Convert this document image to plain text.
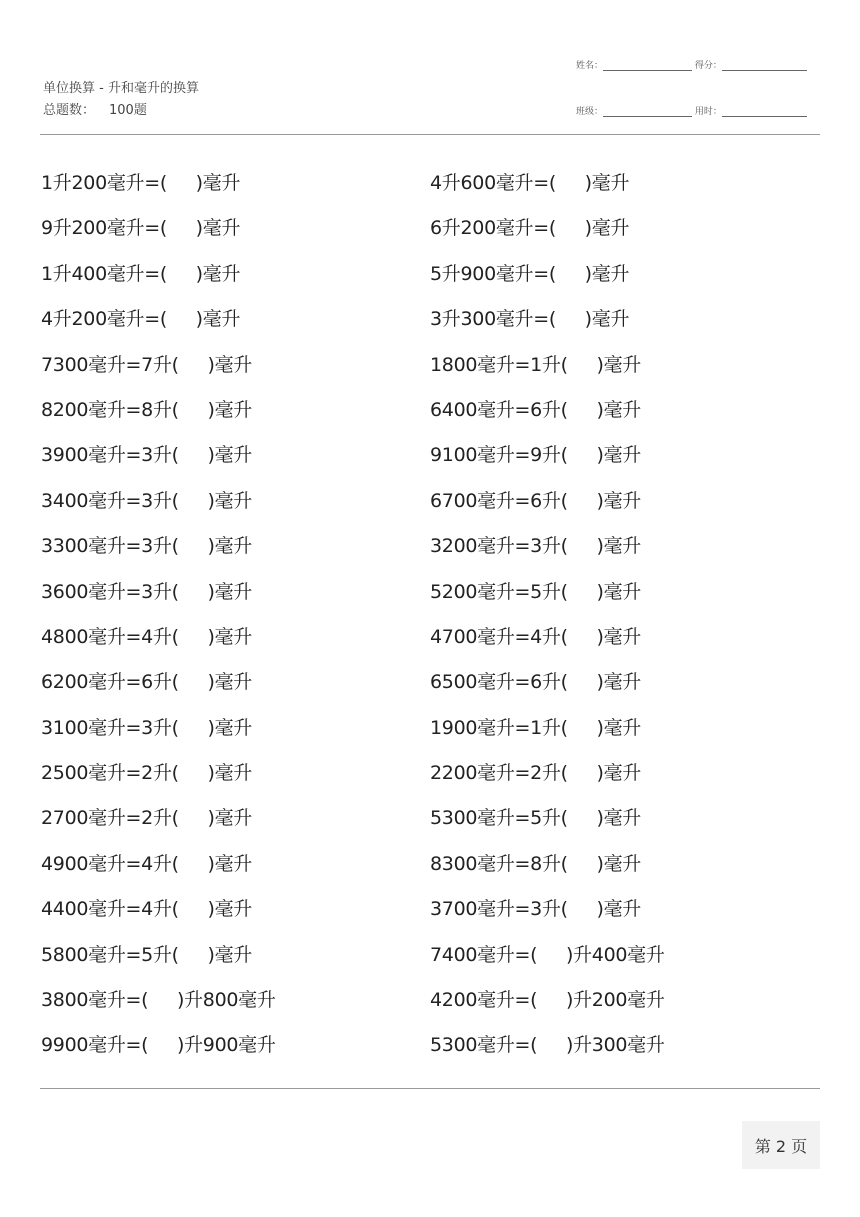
单位换算 - 升和毫升的换算
总题数： 100题
姓名：
	得分：
班级：
	用时：
1升200毫升=(     )毫升	4升600毫升=(     )毫升
9升200毫升=(     )毫升	6升200毫升=(     )毫升
1升400毫升=(     )毫升	5升900毫升=(     )毫升
4升200毫升=(     )毫升	3升300毫升=(     )毫升
7300毫升=7升(     )毫升	1800毫升=1升(     )毫升
8200毫升=8升(     )毫升	6400毫升=6升(     )毫升
3900毫升=3升(     )毫升	9100毫升=9升(     )毫升
3400毫升=3升(     )毫升	6700毫升=6升(     )毫升
3300毫升=3升(     )毫升	3200毫升=3升(     )毫升
3600毫升=3升(     )毫升	5200毫升=5升(     )毫升
4800毫升=4升(     )毫升	4700毫升=4升(     )毫升
6200毫升=6升(     )毫升	6500毫升=6升(     )毫升
3100毫升=3升(     )毫升	1900毫升=1升(     )毫升
2500毫升=2升(     )毫升	2200毫升=2升(     )毫升
2700毫升=2升(     )毫升	5300毫升=5升(     )毫升
4900毫升=4升(     )毫升	8300毫升=8升(     )毫升
4400毫升=4升(     )毫升	3700毫升=3升(     )毫升
5800毫升=5升(     )毫升	7400毫升=(     )升400毫升
3800毫升=(     )升800毫升	4200毫升=(     )升200毫升
9900毫升=(     )升900毫升	5300毫升=(     )升300毫升
第 2 页
